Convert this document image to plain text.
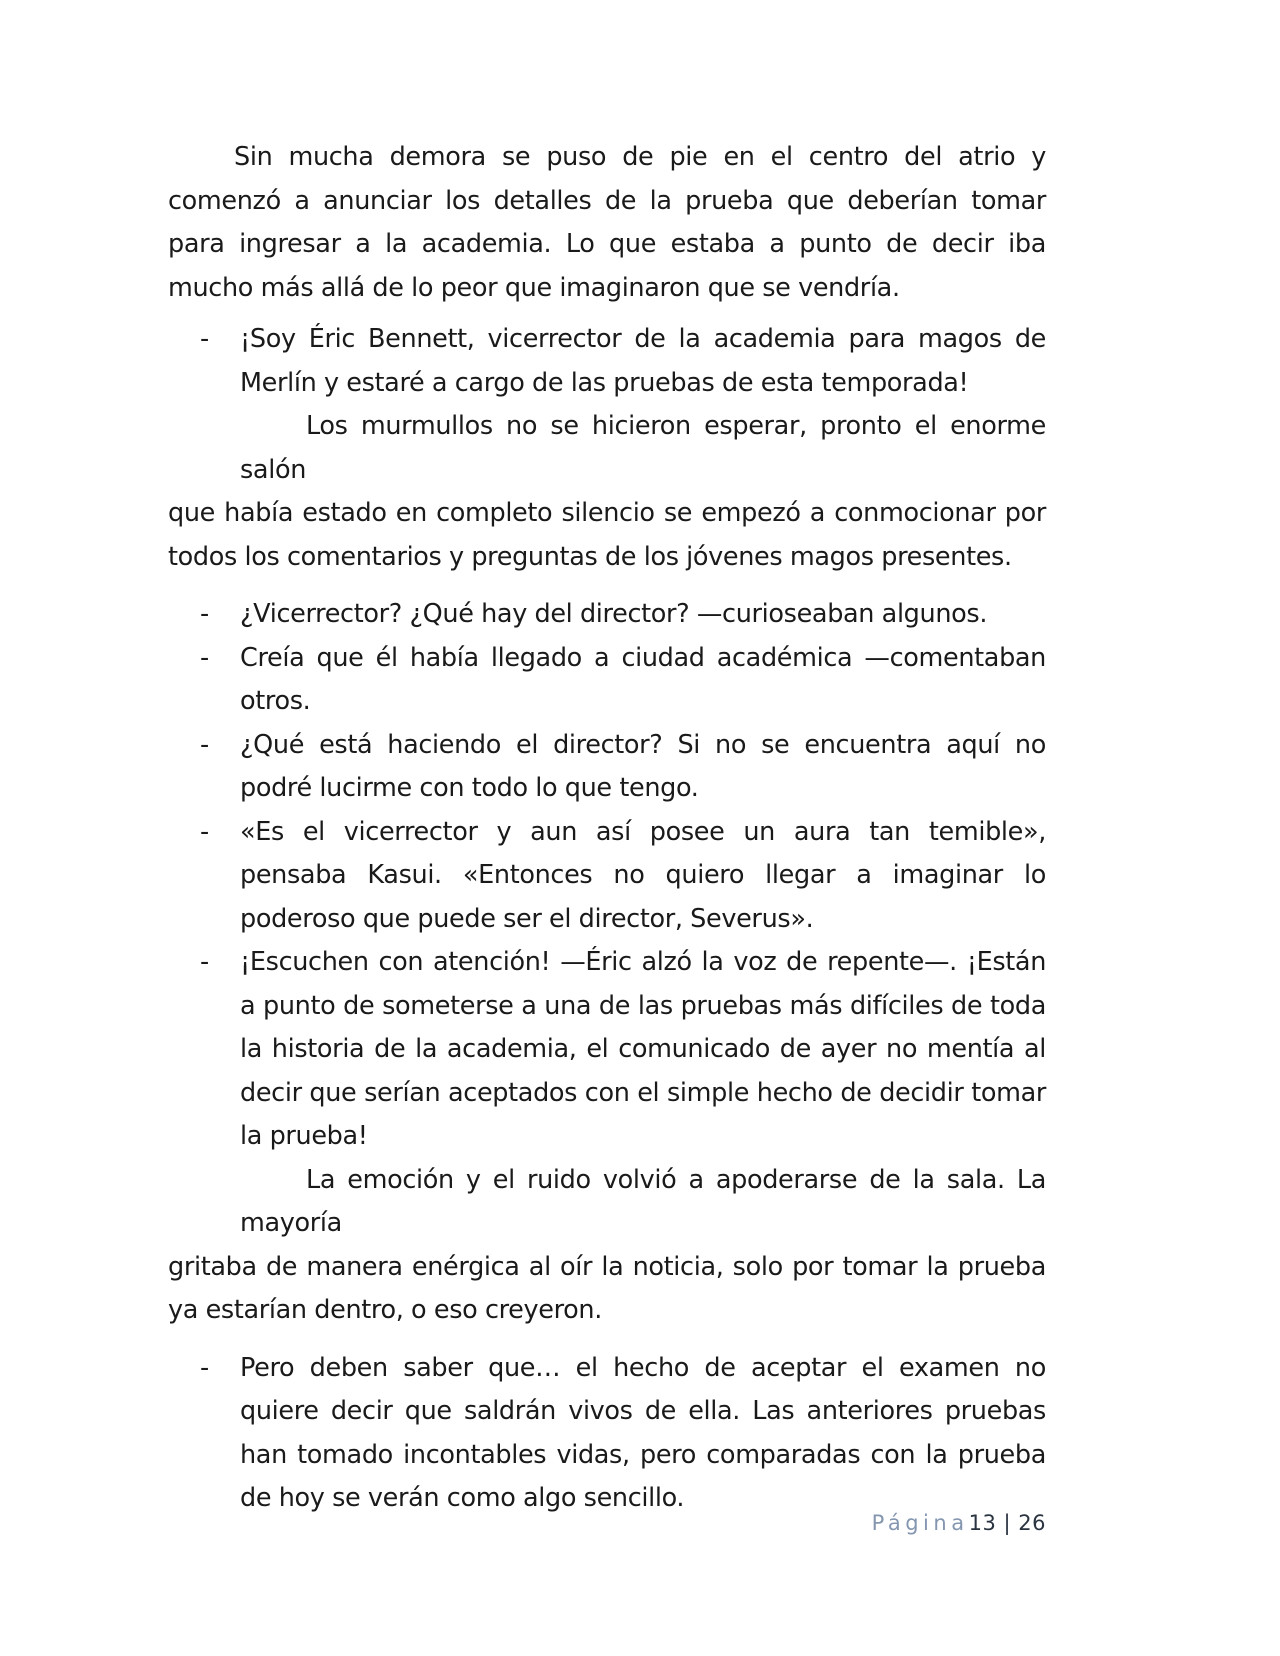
Sin mucha demora se puso de pie en el centro del atrio y comenzó a anunciar los detalles de la prueba que deberían tomar para ingresar a la academia. Lo que estaba a punto de decir iba mucho más allá de lo peor que imaginaron que se vendría.

- ¡Soy Éric Bennett, vicerrector de la academia para magos de Merlín y estaré a cargo de las pruebas de esta temporada!

Los murmullos no se hicieron esperar, pronto el enorme salón

que había estado en completo silencio se empezó a conmocionar por todos los comentarios y preguntas de los jóvenes magos presentes.

- ¿Vicerrector? ¿Qué hay del director? —curioseaban algunos.
- Creía que él había llegado a ciudad académica —comentaban otros.
- ¿Qué está haciendo el director? Si no se encuentra aquí no podré lucirme con todo lo que tengo.
- «Es el vicerrector y aun así posee un aura tan temible», pensaba Kasui. «Entonces no quiero llegar a imaginar lo poderoso que puede ser el director, Severus».
- ¡Escuchen con atención! —Éric alzó la voz de repente—. ¡Están a punto de someterse a una de las pruebas más difíciles de toda la historia de la academia, el comunicado de ayer no mentía al decir que serían aceptados con el simple hecho de decidir tomar la prueba!

La emoción y el ruido volvió a apoderarse de la sala. La mayoría

gritaba de manera enérgica al oír la noticia, solo por tomar la prueba ya estarían dentro, o eso creyeron.

- Pero deben saber que… el hecho de aceptar el examen no quiere decir que saldrán vivos de ella. Las anteriores pruebas han tomado incontables vidas, pero comparadas con la prueba de hoy se verán como algo sencillo.
Página13 | 26
